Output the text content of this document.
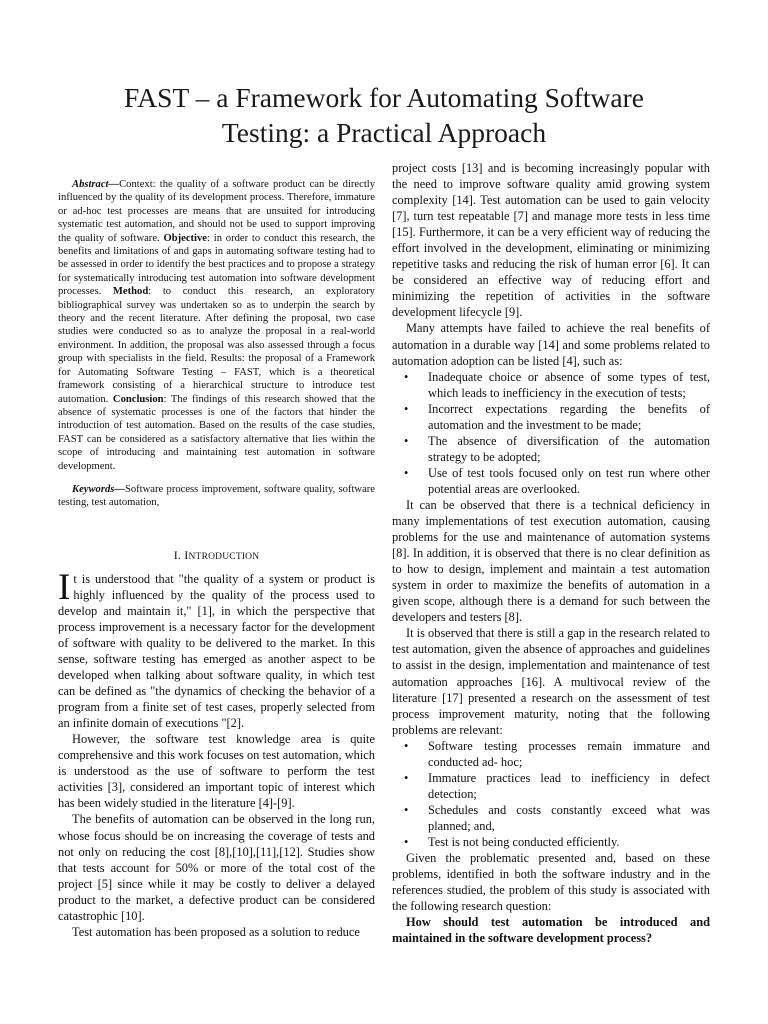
FAST – a Framework for Automating Software
Testing: a Practical Approach

Abstract—Context: the quality of a software product can be directly influenced by the quality of its development process. Therefore, immature or ad-hoc test processes are means that are unsuited for introducing systematic test automation, and should not be used to support improving the quality of software. Objective: in order to conduct this research, the benefits and limitations of and gaps in automating software testing had to be assessed in order to identify the best practices and to propose a strategy for systematically introducing test automation into software development processes. Method: to conduct this research, an exploratory bibliographical survey was undertaken so as to underpin the search by theory and the recent literature. After defining the proposal, two case studies were conducted so as to analyze the proposal in a real-world environment. In addition, the proposal was also assessed through a focus group with specialists in the field. Results: the proposal of a Framework for Automating Software Testing – FAST, which is a theoretical framework consisting of a hierarchical structure to introduce test automation. Conclusion: The findings of this research showed that the absence of systematic processes is one of the factors that hinder the introduction of test automation. Based on the results of the case studies, FAST can be considered as a satisfactory alternative that lies within the scope of introducing and maintaining test automation in software development.

Keywords—Software process improvement, software quality, software testing, test automation,

I. INTRODUCTION

It is understood that "the quality of a system or product is highly influenced by the quality of the process used to develop and maintain it," [1], in which the perspective that process improvement is a necessary factor for the development of software with quality to be delivered to the market. In this sense, software testing has emerged as another aspect to be developed when talking about software quality, in which test can be defined as "the dynamics of checking the behavior of a program from a finite set of test cases, properly selected from an infinite domain of executions "[2].

However, the software test knowledge area is quite comprehensive and this work focuses on test automation, which is understood as the use of software to perform the test activities [3], considered an important topic of interest which has been widely studied in the literature [4]-[9].

The benefits of automation can be observed in the long run, whose focus should be on increasing the coverage of tests and not only on reducing the cost [8],[10],[11],[12]. Studies show that tests account for 50% or more of the total cost of the project [5] since while it may be costly to deliver a delayed product to the market, a defective product can be considered catastrophic [10].

Test automation has been proposed as a solution to reduce

project costs [13] and is becoming increasingly popular with the need to improve software quality amid growing system complexity [14]. Test automation can be used to gain velocity [7], turn test repeatable [7] and manage more tests in less time [15]. Furthermore, it can be a very efficient way of reducing the effort involved in the development, eliminating or minimizing repetitive tasks and reducing the risk of human error [6]. It can be considered an effective way of reducing effort and minimizing the repetition of activities in the software development lifecycle [9].

Many attempts have failed to achieve the real benefits of automation in a durable way [14] and some problems related to automation adoption can be listed [4], such as:

• Inadequate choice or absence of some types of test, which leads to inefficiency in the execution of tests;
• Incorrect expectations regarding the benefits of automation and the investment to be made;
• The absence of diversification of the automation strategy to be adopted;
• Use of test tools focused only on test run where other potential areas are overlooked.

It can be observed that there is a technical deficiency in many implementations of test execution automation, causing problems for the use and maintenance of automation systems [8]. In addition, it is observed that there is no clear definition as to how to design, implement and maintain a test automation system in order to maximize the benefits of automation in a given scope, although there is a demand for such between the developers and testers [8].

It is observed that there is still a gap in the research related to test automation, given the absence of approaches and guidelines to assist in the design, implementation and maintenance of test automation approaches [16]. A multivocal review of the literature [17] presented a research on the assessment of test process improvement maturity, noting that the following problems are relevant:

• Software testing processes remain immature and conducted ad- hoc;
• Immature practices lead to inefficiency in defect detection;
• Schedules and costs constantly exceed what was planned; and,
• Test is not being conducted efficiently.

Given the problematic presented and, based on these problems, identified in both the software industry and in the references studied, the problem of this study is associated with the following research question:

How should test automation be introduced and maintained in the software development process?
